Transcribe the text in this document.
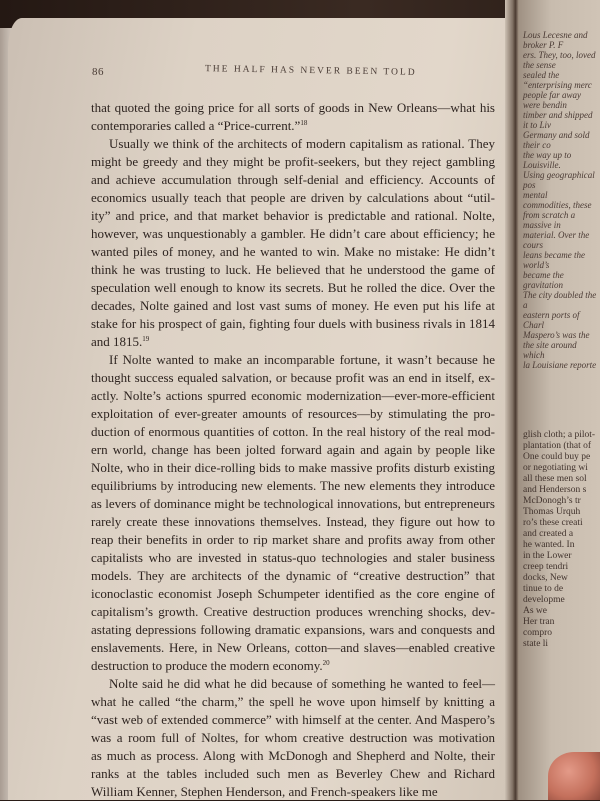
86	THE HALF HAS NEVER BEEN TOLD
that quoted the going price for all sorts of goods in New Orleans—what his
contemporaries called a “Price-current.”$^{18}$
Usually we think of the architects of modern capitalism as rational. They
might be greedy and they might be profit-seekers, but they reject gambling
and achieve accumulation through self-denial and efficiency. Accounts of
economics usually teach that people are driven by calculations about “util-
ity” and price, and that market behavior is predictable and rational. Nolte,
however, was unquestionably a gambler. He didn’t care about efficiency; he
wanted piles of money, and he wanted to win. Make no mistake: He didn’t
think he was trusting to luck. He believed that he understood the game of
speculation well enough to know its secrets. But he rolled the dice. Over the
decades, Nolte gained and lost vast sums of money. He even put his life at
stake for his prospect of gain, fighting four duels with business rivals in 1814
and 1815.19
If Nolte wanted to make an incomparable fortune, it wasn’t because he
thought success equaled salvation, or because profit was an end in itself, ex-
actly. Nolte’s actions spurred economic modernization—ever-more-efficient
exploitation of ever-greater amounts of resources—by stimulating the pro-
duction of enormous quantities of cotton. In the real history of the real mod-
ern world, change has been jolted forward again and again by people like
Nolte, who in their dice-rolling bids to make massive profits disturb existing
equilibriums by introducing new elements. The new elements they introduce
as levers of dominance might be technological innovations, but entrepreneurs
rarely create these innovations themselves. Instead, they figure out how to
reap their benefits in order to rip market share and profits away from other
capitalists who are invested in status-quo technologies and staler business
models. They are architects of the dynamic of “creative destruction” that
iconoclastic economist Joseph Schumpeter identified as the core engine of
capitalism’s growth. Creative destruction produces wrenching shocks, dev-
astating depressions following dramatic expansions, wars and conquests and
enslavements. Here, in New Orleans, cotton—and slaves—enabled creative
destruction to produce the modern economy.$^{20}$
Nolte said he did what he did because of something he wanted to feel—
what he called “the charm,” the spell he wove upon himself by knitting a
“vast web of extended commerce” with himself at the center. And Maspero’s
was a room full of Noltes, for whom creative destruction was motivation
as much as process. Along with McDonogh and Shepherd and Nolte, their
ranks at the tables included such men as Beverley Chew and Richard
William Kenner, Stephen Henderson, and French-speakers like me
Lous Lecesne and broker P. F
ers. They, too, loved the sense
sealed the “enterprising merc
people far away were bendin
timber and shipped it to Liv
Germany and sold their co
the way up to Louisville.
Using geographical pos
mental commodities, these
from scratch a massive in
material. Over the cours
leans became the world’s
became the gravitation
The city doubled the a
eastern ports of Charl
Maspero’s was the
the site around which
la Louisiane reporte
glish cloth; a pilot-
plantation (that of
One could buy pe
or negotiating wi
all these men sol
and Henderson s
McDonogh’s tr
Thomas Urquh
ro’s these creati
and created a
he wanted. In
in the Lower
creep tendri
docks, New
tinue to de
developme
As we
Her tran
compro
state li
